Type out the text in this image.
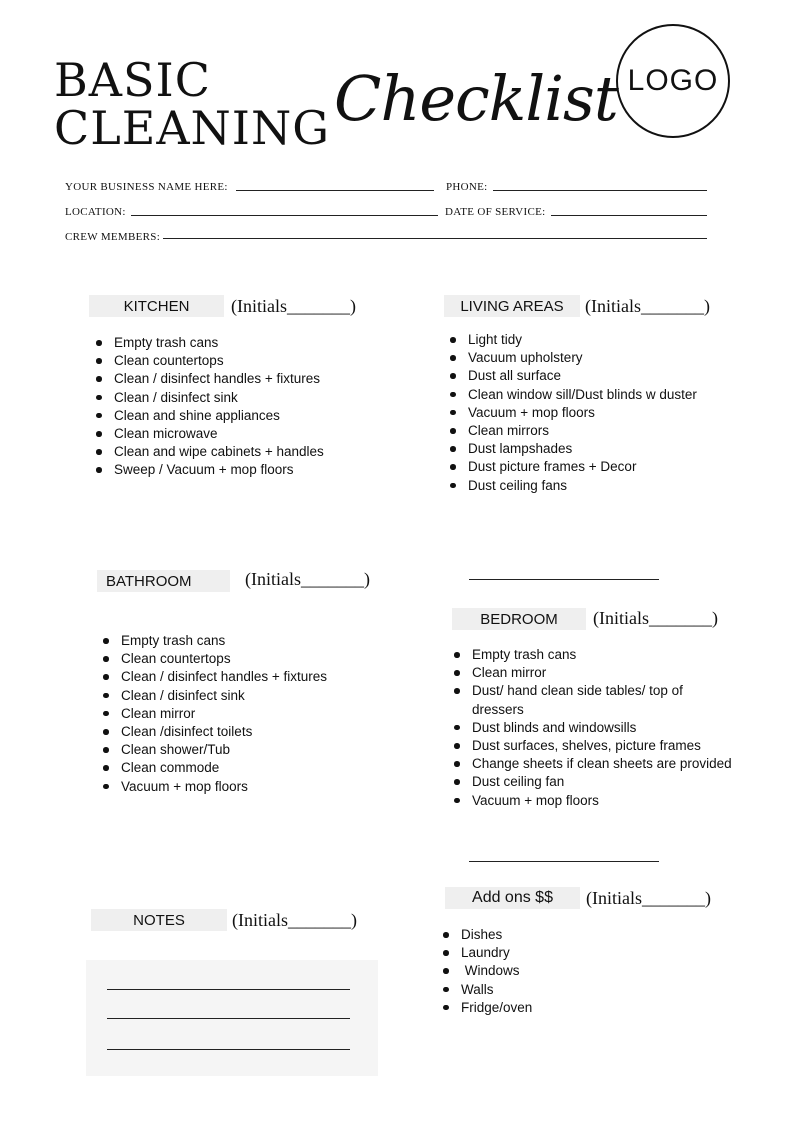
BASIC
CLEANING Checklist LOGO
YOUR BUSINESS NAME HERE:	PHONE:
LOCATION:	DATE OF SERVICE:
CREW MEMBERS:
KITCHEN	(Initials_______)
Empty trash cans
Clean countertops
Clean / disinfect handles + fixtures
Clean / disinfect sink
Clean and shine appliances
Clean microwave
Clean and wipe cabinets + handles
Sweep / Vacuum + mop floors
LIVING AREAS	(Initials_______)
Light tidy
Vacuum upholstery
Dust all surface
Clean window sill/Dust blinds w duster
Vacuum + mop floors
Clean mirrors
Dust lampshades
Dust picture frames + Decor
Dust ceiling fans
BATHROOM	(Initials_______)
Empty trash cans
Clean countertops
Clean / disinfect handles + fixtures
Clean / disinfect sink
Clean mirror
Clean /disinfect toilets
Clean shower/Tub
Clean commode
Vacuum + mop floors
BEDROOM	(Initials_______)
Empty trash cans
Clean mirror
Dust/ hand clean side tables/ top of
dressers
Dust blinds and windowsills
Dust surfaces, shelves, picture frames
Change sheets if clean sheets are provided
Dust ceiling fan
Vacuum + mop floors
Add ons $$	(Initials_______)
Dishes
Laundry
Windows
Walls
Fridge/oven
NOTES	(Initials_______)
